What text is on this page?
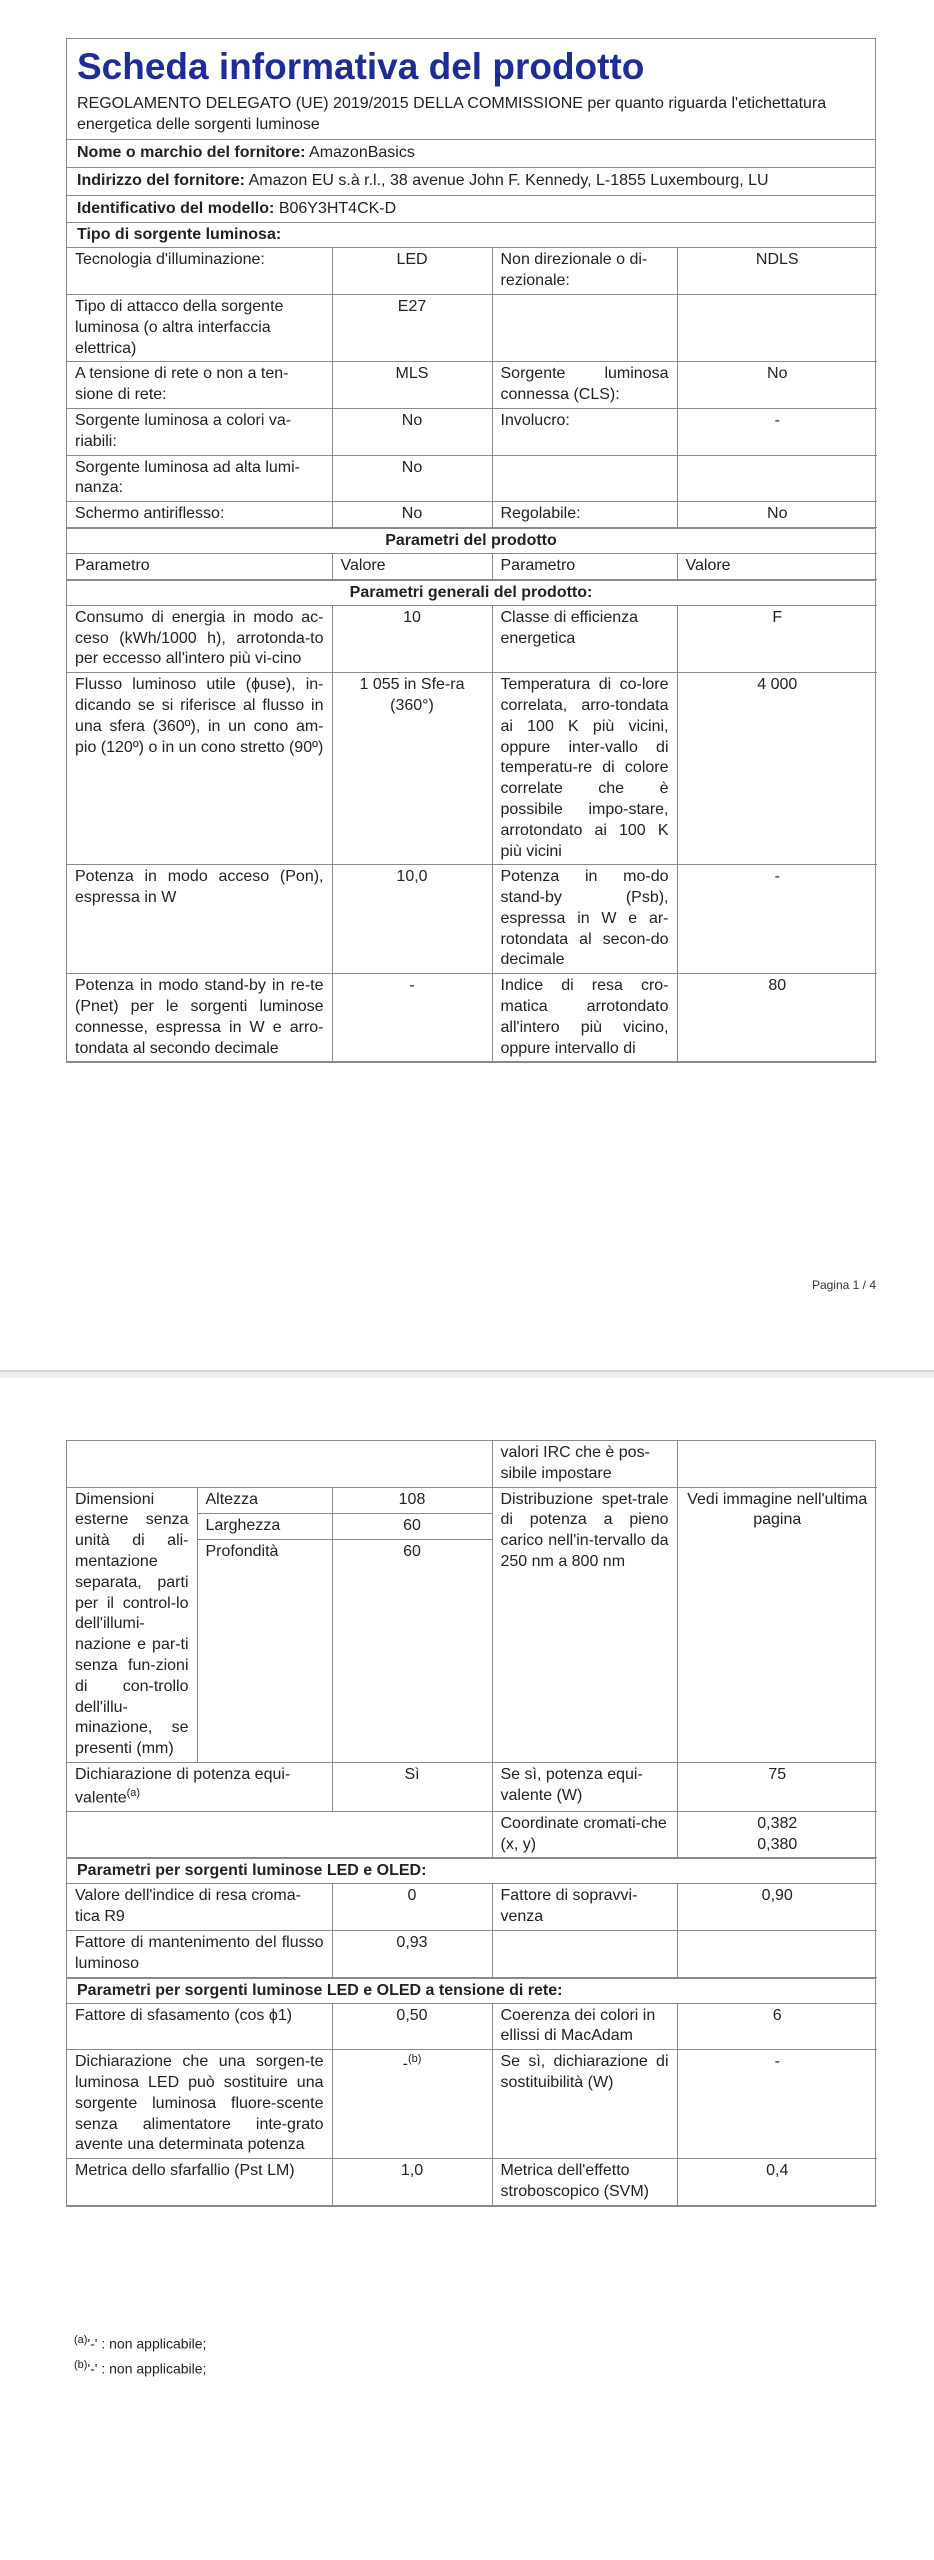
Scheda informativa del prodotto
REGOLAMENTO DELEGATO (UE) 2019/2015 DELLA COMMISSIONE per quanto riguarda l'etichettatura energetica delle sorgenti luminose
Nome o marchio del fornitore: AmazonBasics
Indirizzo del fornitore: Amazon EU s.à r.l., 38 avenue John F. Kennedy, L-1855 Luxembourg, LU
Identificativo del modello: B06Y3HT4CK-D
Tipo di sorgente luminosa:
Tecnologia d'illuminazione:	LED	Non direzionale o di-rezionale:	NDLS
Tipo di attacco della sorgente luminosa (o altra interfaccia elettrica)	E27		
A tensione di rete o non a ten-sione di rete:	MLS	Sorgente luminosa connessa (CLS):	No
Sorgente luminosa a colori va-riabili:	No	Involucro:	-
Sorgente luminosa ad alta lumi-nanza:	No		
Schermo antiriflesso:	No	Regolabile:	No
Parametri del prodotto
Parametro	Valore	Parametro	Valore
Parametri generali del prodotto:
Consumo di energia in modo ac-ceso (kWh/1000 h), arrotonda-to per eccesso all'intero più vi-cino	10	Classe di efficienza energetica	F
Flusso luminoso utile (ϕuse), in-dicando se si riferisce al flusso in una sfera (360º), in un cono am-pio (120º) o in un cono stretto (90º)	1 055 in Sfe-ra (360°)	Temperatura di co-lore correlata, arro-tondata ai 100 K più vicini, oppure inter-vallo di temperatu-re di colore correlate che è possibile impo-stare, arrotondato ai 100 K più vicini	4 000
Potenza in modo acceso (Pon), espressa in W	10,0	Potenza in mo-do stand-by (Psb), espressa in W e ar-rotondata al secon-do decimale	-
Potenza in modo stand-by in re-te (Pnet) per le sorgenti luminose connesse, espressa in W e arro-tondata al secondo decimale	-	Indice di resa cro-matica arrotondato all'intero più vicino, oppure intervallo di	80
Pagina 1 / 4
			valori IRC che è pos-sibile impostare	
Dimensioni esterne senza unità di ali-mentazione separata, parti per il control-lo dell'illumi-nazione e par-ti senza fun-zioni di con-trollo dell'illu-minazione, se presenti (mm)	Altezza	108	Distribuzione spet-trale di potenza a pieno carico nell'in-tervallo da 250 nm a 800 nm	Vedi immagine nell'ultima pagina
	Larghezza	60		
	Profondità	60		
Dichiarazione di potenza equi-valente$^{(a)}$		Sì	Se sì, potenza equi-valente (W)	75
			Coordinate cromati-che (x, y)	0,382
0,380
Parametri per sorgenti luminose LED e OLED:
Valore dell'indice di resa croma-tica R9	0	Fattore di sopravvi-venza	0,90
Fattore di mantenimento del flusso luminoso	0,93		
Parametri per sorgenti luminose LED e OLED a tensione di rete:
Fattore di sfasamento (cos ϕ1)	0,50	Coerenza dei colori in ellissi di MacAdam	6
Dichiarazione che una sorgen-te luminosa LED può sostituire una sorgente luminosa fluore-scente senza alimentatore inte-grato avente una determinata potenza	-$^{(b)}$	Se sì, dichiarazione di sostituibilità (W)	-
Metrica dello sfarfallio (Pst LM)	1,0	Metrica dell'effetto stroboscopico (SVM)	0,4
$^{(a)}$'-' : non applicabile;
$^{(b)}$'-' : non applicabile;
